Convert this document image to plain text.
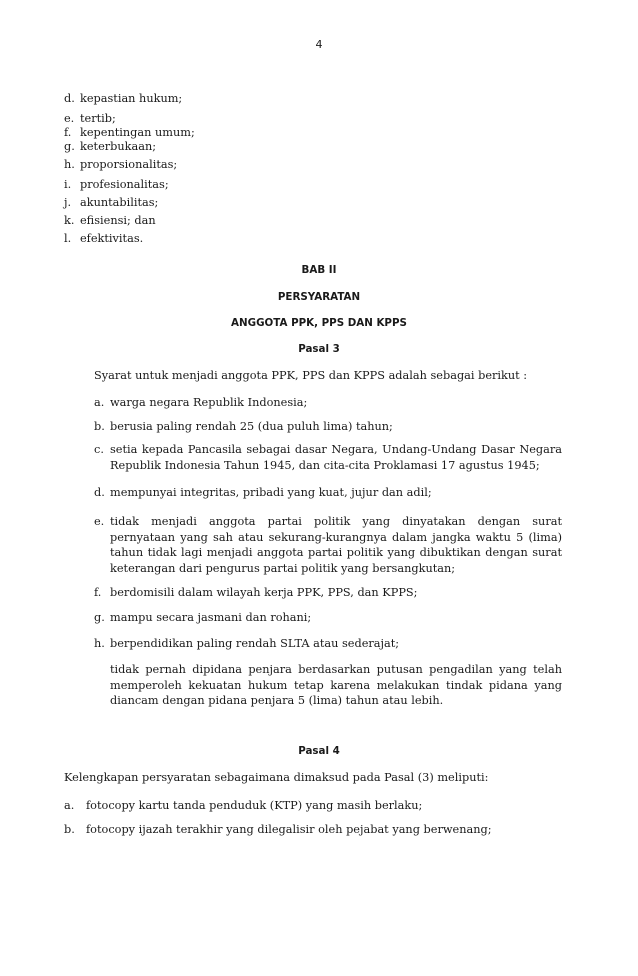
4
d. kepastian hukum;
e. tertib;
f. kepentingan umum;
g. keterbukaan;
h. proporsionalitas;
i. profesionalitas;
j. akuntabilitas;
k. efisiensi; dan
l. efektivitas.
BAB II
PERSYARATAN
ANGGOTA PPK, PPS DAN KPPS
Pasal 3
Syarat untuk menjadi anggota PPK, PPS dan KPPS adalah sebagai berikut :
a. warga negara Republik Indonesia;
b. berusia paling rendah 25 (dua puluh lima) tahun;
c. setia kepada Pancasila sebagai dasar Negara, Undang-Undang Dasar Negara Republik Indonesia Tahun 1945, dan cita-cita Proklamasi 17 agustus 1945;
d. mempunyai integritas, pribadi yang kuat, jujur dan adil;
e. tidak menjadi anggota partai politik yang dinyatakan dengan surat pernyataan yang sah atau sekurang-kurangnya dalam jangka waktu 5 (lima) tahun tidak lagi menjadi anggota partai politik yang dibuktikan dengan surat keterangan dari pengurus partai politik yang bersangkutan;
f. berdomisili dalam wilayah kerja PPK, PPS, dan KPPS;
g. mampu secara jasmani dan rohani;
h. berpendidikan paling rendah SLTA atau sederajat;
tidak pernah dipidana penjara berdasarkan putusan pengadilan yang telah memperoleh kekuatan hukum tetap karena melakukan tindak pidana yang diancam dengan pidana penjara 5 (lima) tahun atau lebih.
Pasal 4
Kelengkapan persyaratan sebagaimana dimaksud pada Pasal (3) meliputi:
a. fotocopy kartu tanda penduduk (KTP) yang masih berlaku;
b. fotocopy ijazah terakhir yang dilegalisir oleh pejabat yang berwenang;
